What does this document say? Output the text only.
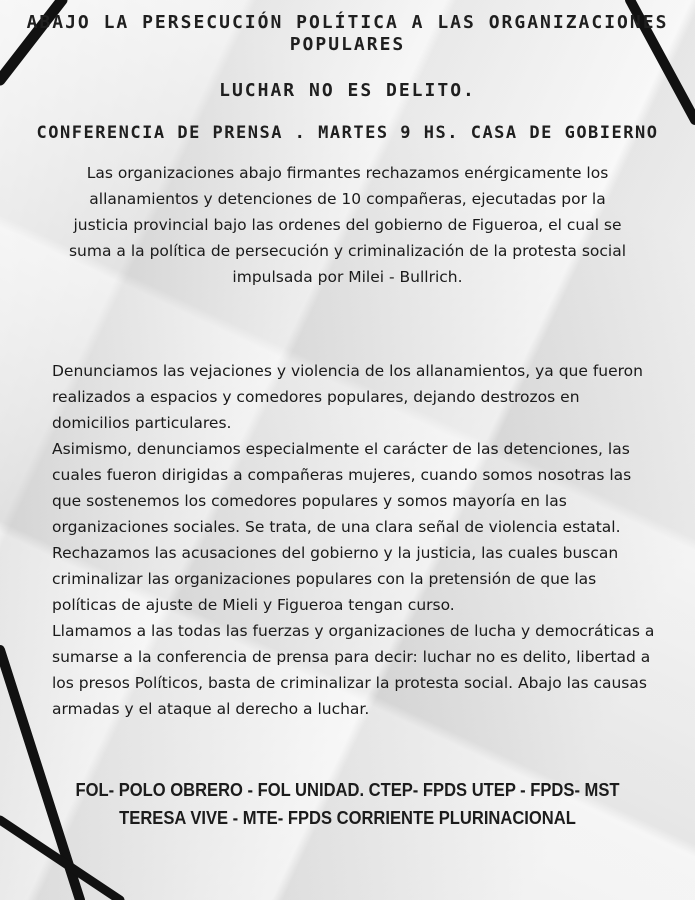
ABAJO LA PERSECUCIÓN POLÍTICA A LAS ORGANIZACIONES POPULARES
LUCHAR NO ES DELITO.
CONFERENCIA DE PRENSA . MARTES 9 HS. CASA DE GOBIERNO

Las organizaciones abajo firmantes rechazamos enérgicamente los allanamientos y detenciones de 10 compañeras, ejecutadas por la justicia provincial bajo las ordenes del gobierno de Figueroa, el cual se suma a la política de persecución y criminalización de la protesta social impulsada por Milei - Bullrich.

Denunciamos las vejaciones y violencia de los allanamientos, ya que fueron realizados a espacios y comedores populares, dejando destrozos en domicilios particulares.

Asimismo, denunciamos especialmente el carácter de las detenciones, las cuales fueron dirigidas a compañeras mujeres, cuando somos nosotras las que sostenemos los comedores populares y somos mayoría en las organizaciones sociales. Se trata, de una clara señal de violencia estatal.

Rechazamos las acusaciones del gobierno y la justicia, las cuales buscan criminalizar las organizaciones populares con la pretensión de que las políticas de ajuste de Mieli y Figueroa tengan curso.

Llamamos a las todas las fuerzas y organizaciones de lucha y democráticas a sumarse a la conferencia de prensa para decir: luchar no es delito, libertad a los presos Políticos, basta de criminalizar la protesta social. Abajo las causas armadas y el ataque al derecho a luchar.

FOL- POLO OBRERO - FOL UNIDAD. CTEP- FPDS UTEP - FPDS- MST TERESA VIVE - MTE- FPDS CORRIENTE PLURINACIONAL
